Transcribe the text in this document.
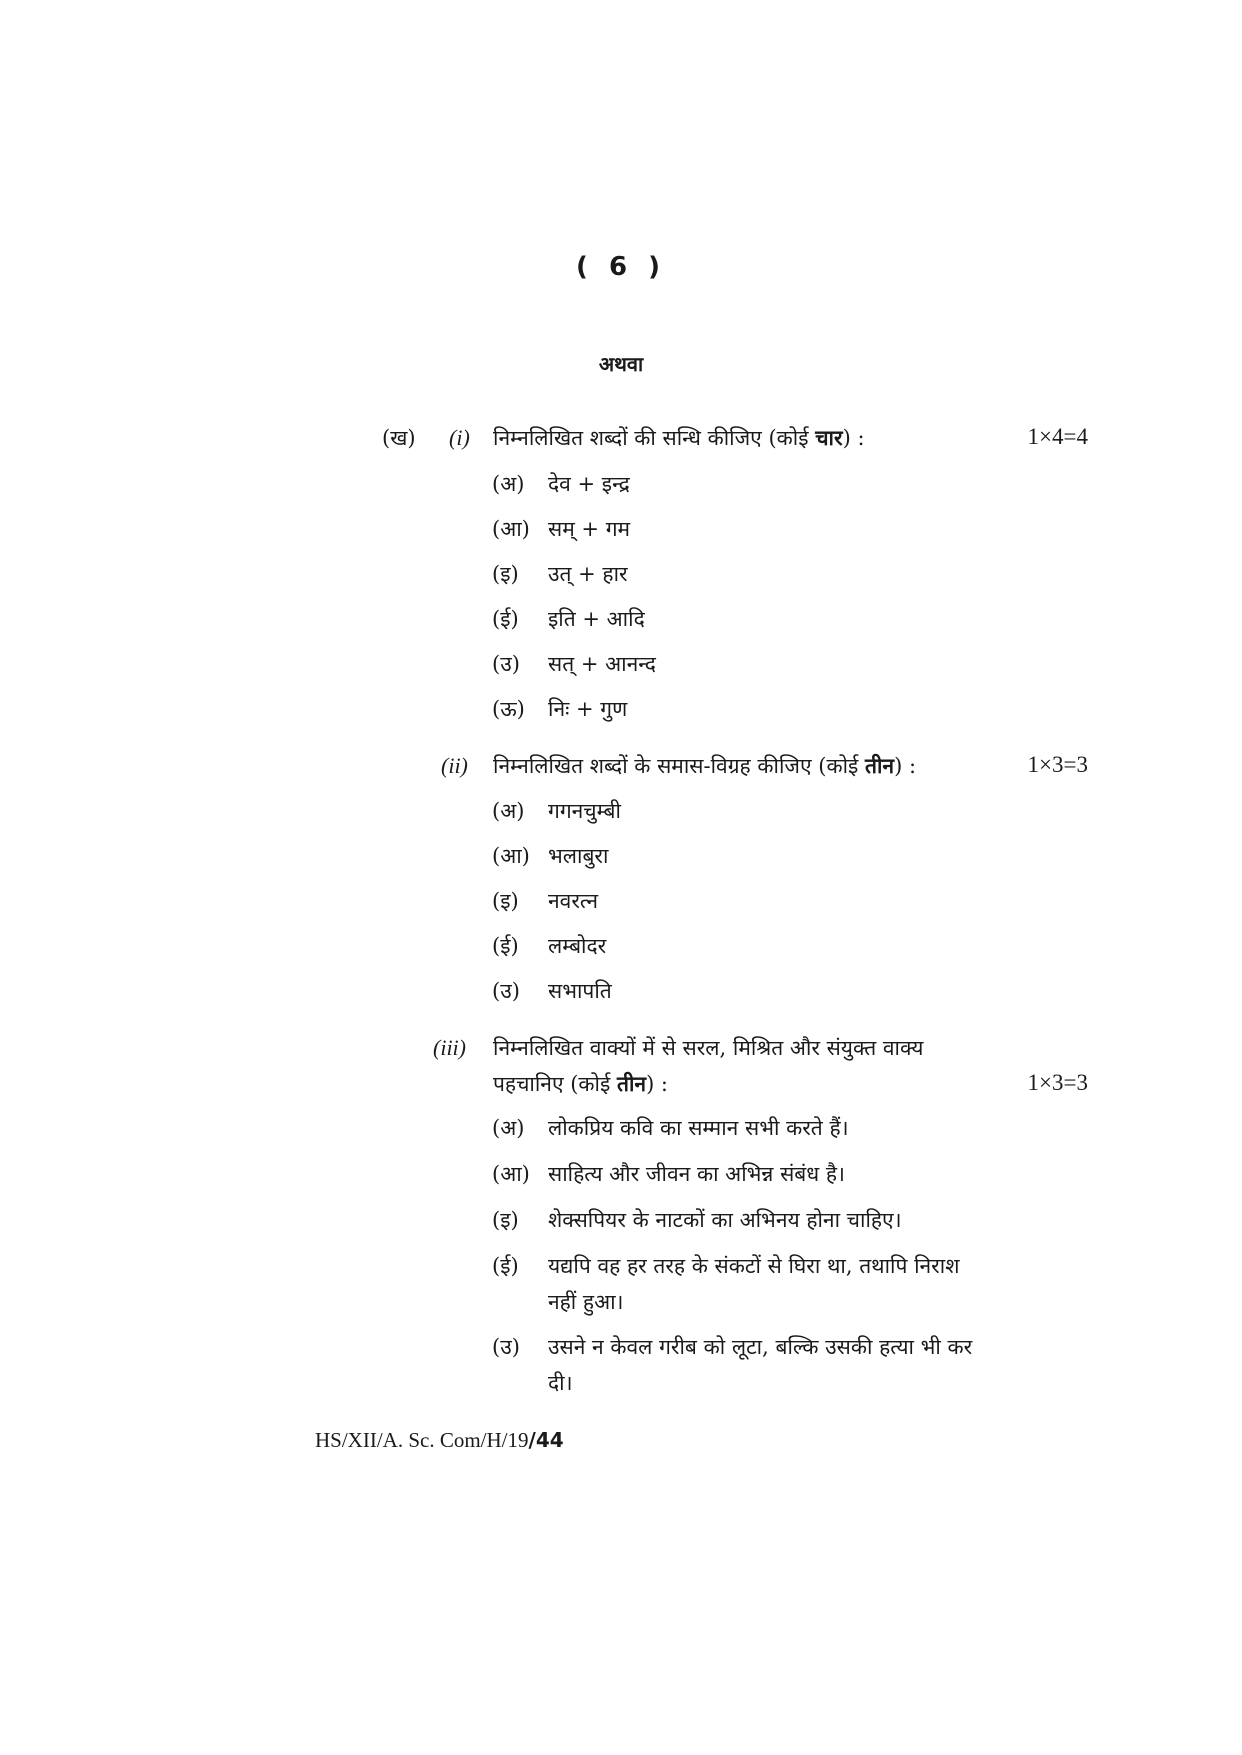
( 6 )
अथवा
(ख) (i) निम्नलिखित शब्दों की सन्धि कीजिए (कोई चार) :	1×4=4
(अ) देव + इन्द्र
(आ) सम् + गम
(इ) उत् + हार
(ई) इति + आदि
(उ) सत् + आनन्द
(ऊ) निः + गुण
(ii) निम्नलिखित शब्दों के समास-विग्रह कीजिए (कोई तीन) :	1×3=3
(अ) गगनचुम्बी
(आ) भलाबुरा
(इ) नवरत्न
(ई) लम्बोदर
(उ) सभापति
(iii) निम्नलिखित वाक्यों में से सरल, मिश्रित और संयुक्त वाक्य
पहचानिए (कोई तीन) :	1×3=3
(अ) लोकप्रिय कवि का सम्मान सभी करते हैं।
(आ) साहित्य और जीवन का अभिन्न संबंध है।
(इ) शेक्सपियर के नाटकों का अभिनय होना चाहिए।
(ई) यद्यपि वह हर तरह के संकटों से घिरा था, तथापि निराश
नहीं हुआ।
(उ) उसने न केवल गरीब को लूटा, बल्कि उसकी हत्या भी कर
दी।
HS/XII/A. Sc. Com/H/19/44
